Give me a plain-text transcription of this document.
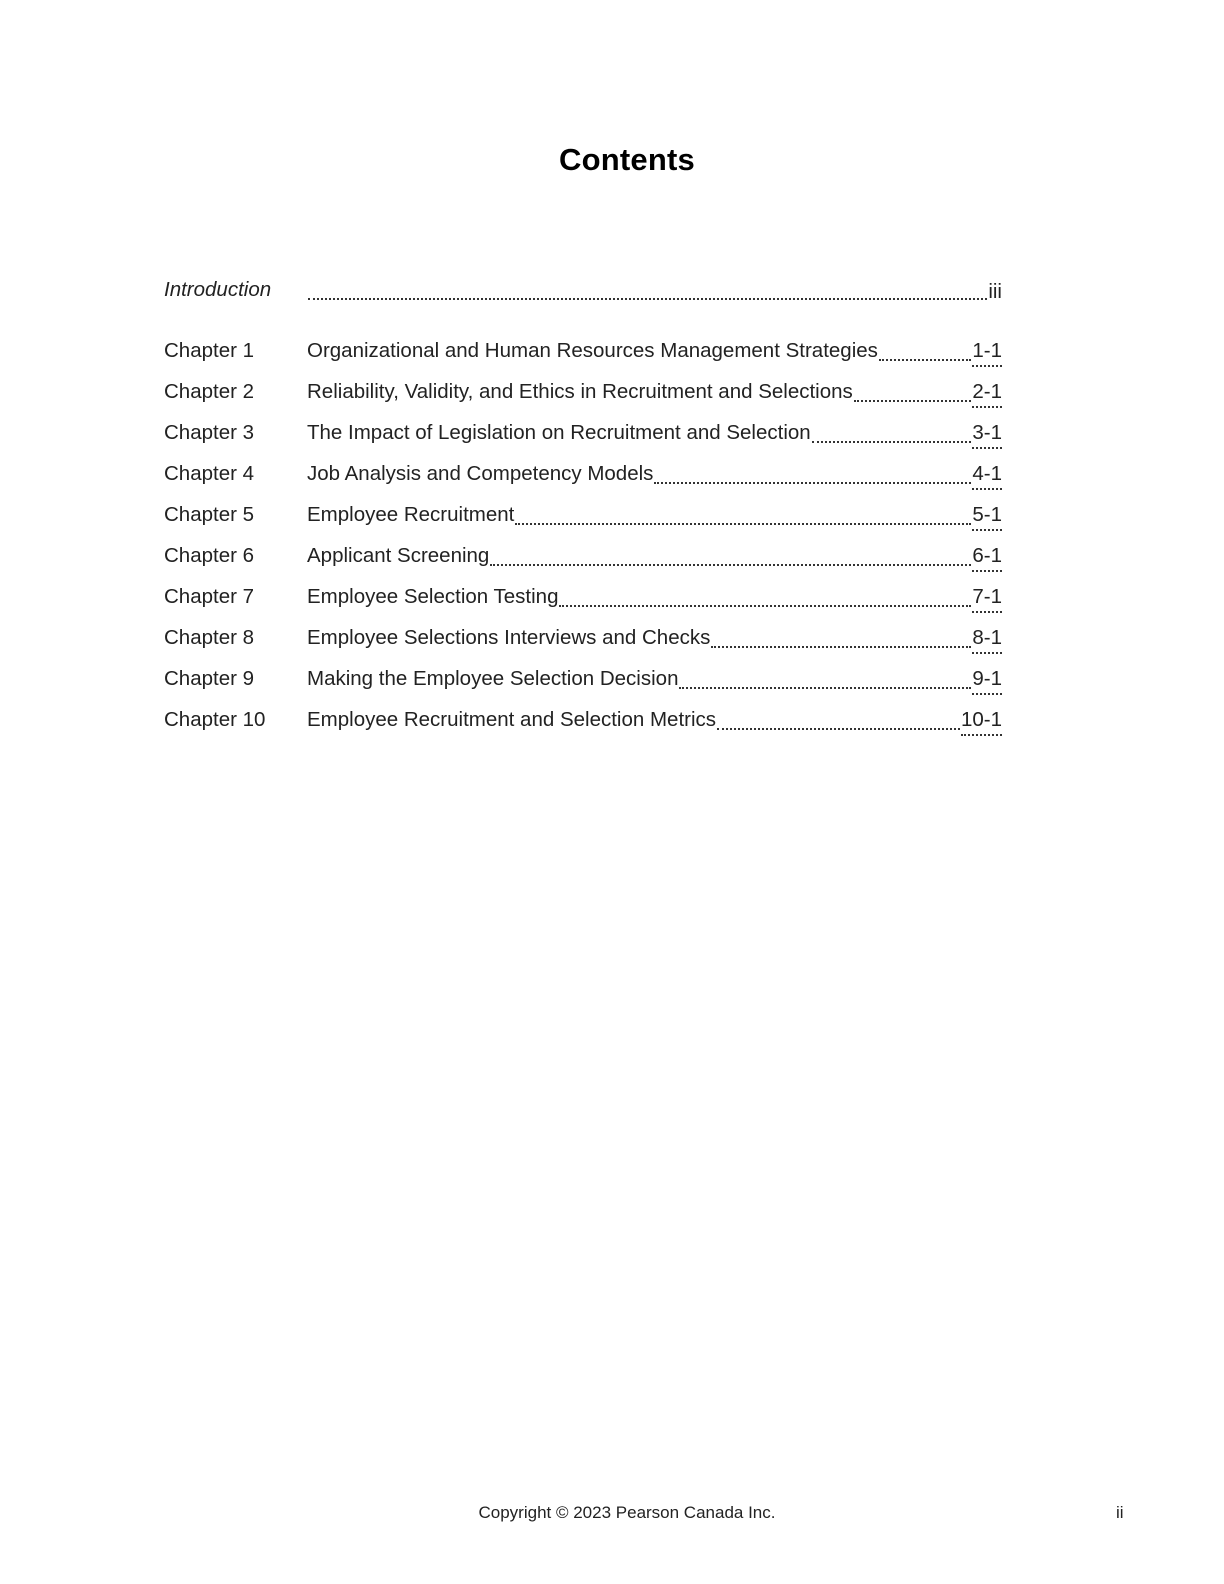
Contents
Introduction	iii
Chapter 1	Organizational and Human Resources Management Strategies	1-1
Chapter 2	Reliability, Validity, and Ethics in Recruitment and Selections	2-1
Chapter 3	The Impact of Legislation on Recruitment and Selection	3-1
Chapter 4	Job Analysis and Competency Models	4-1
Chapter 5	Employee Recruitment	5-1
Chapter 6	Applicant Screening	6-1
Chapter 7	Employee Selection Testing	7-1
Chapter 8	Employee Selections Interviews and Checks	8-1
Chapter 9	Making the Employee Selection Decision	9-1
Chapter 10	Employee Recruitment and Selection Metrics	10-1
Copyright © 2023 Pearson Canada Inc.	ii
